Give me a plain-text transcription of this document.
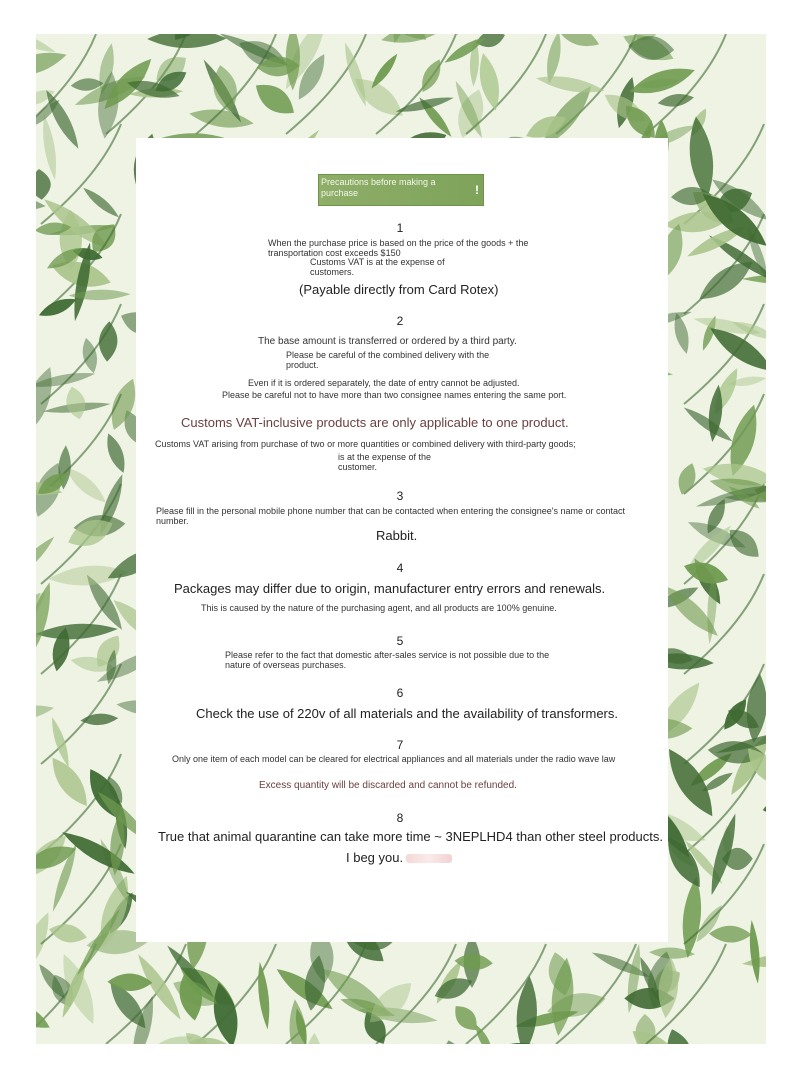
Precautions before making a purchase	!
1
When the purchase price is based on the price of the goods + the transportation cost exceeds $150
Customs VAT is at the expense of customers.
(Payable directly from Card Rotex)
2
The base amount is transferred or ordered by a third party.
Please be careful of the combined delivery with the product.
Even if it is ordered separately, the date of entry cannot be adjusted.
Please be careful not to have more than two consignee names entering the same port.
Customs VAT-inclusive products are only applicable to one product.
Customs VAT arising from purchase of two or more quantities or combined delivery with third-party goods;
is at the expense of the customer.
3
Please fill in the personal mobile phone number that can be contacted when entering the consignee's name or contact number.
Rabbit.
4
Packages may differ due to origin, manufacturer entry errors and renewals.
This is caused by the nature of the purchasing agent, and all products are 100% genuine.
5
Please refer to the fact that domestic after-sales service is not possible due to the nature of overseas purchases.
6
Check the use of 220v of all materials and the availability of transformers.
7
Only one item of each model can be cleared for electrical appliances and all materials under the radio wave law
Excess quantity will be discarded and cannot be refunded.
8
True that animal quarantine can take more time ~ 3NEPLHD4 than other steel products.
I beg you.
